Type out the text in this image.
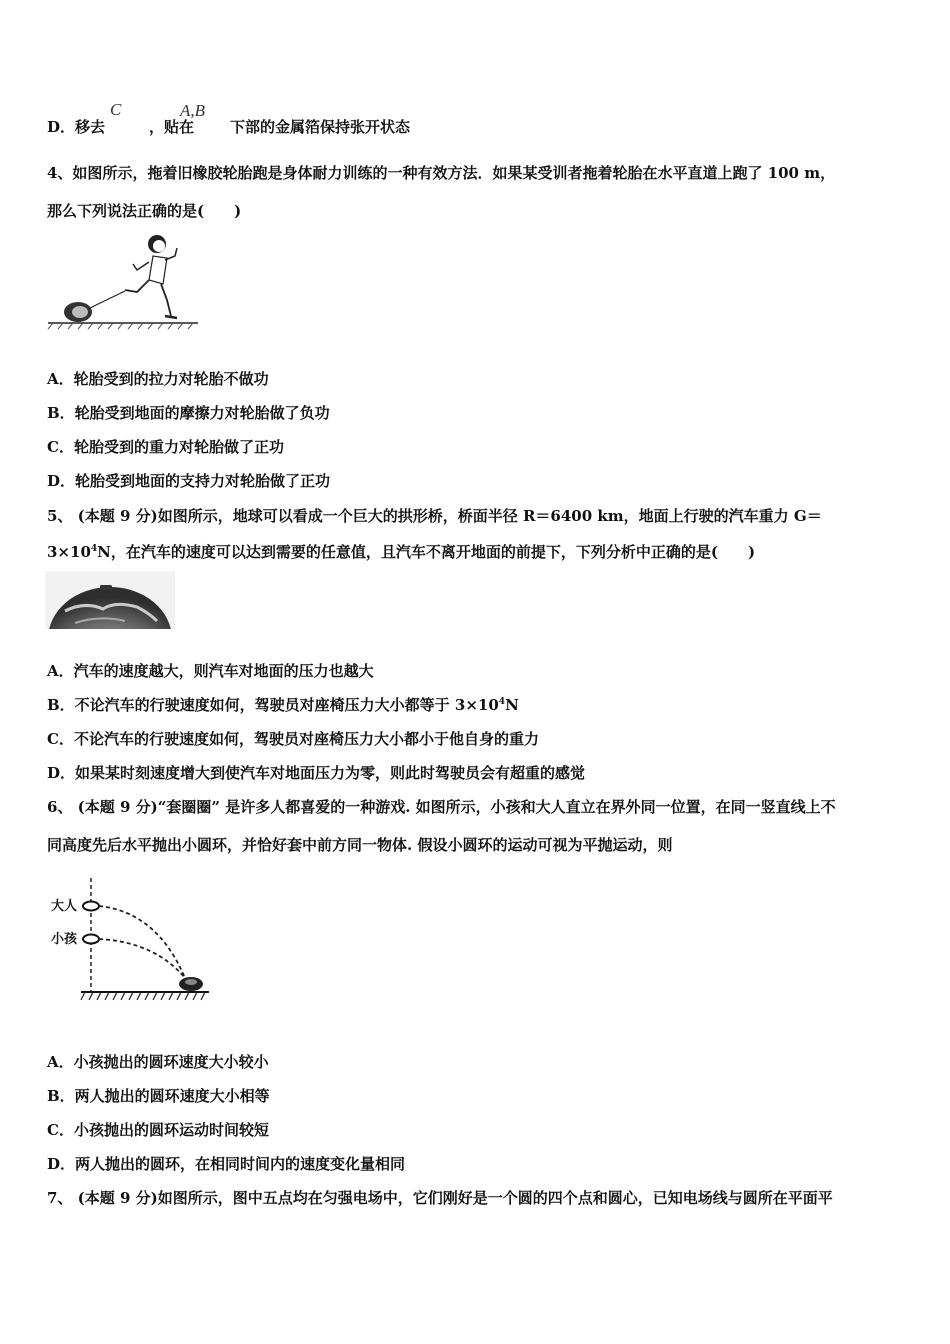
D．移去	，贴在 下部的金属箔保持张开状态
C	A,B
4、如图所示，拖着旧橡胶轮胎跑是身体耐力训练的一种有效方法．如果某受训者拖着轮胎在水平直道上跑了 100 m，
那么下列说法正确的是(　　)
A．轮胎受到的拉力对轮胎不做功
B．轮胎受到地面的摩擦力对轮胎做了负功
C．轮胎受到的重力对轮胎做了正功
D．轮胎受到地面的支持力对轮胎做了正功
5、 (本题 9 分)如图所示，地球可以看成一个巨大的拱形桥，桥面半径 R＝6400 km，地面上行驶的汽车重力 G＝
$3\times 10^4N$，在汽车的速度可以达到需要的任意值，且汽车不离开地面的前提下，下列分析中正确的是(　　)
A．汽车的速度越大，则汽车对地面的压力也越大
B．不论汽车的行驶速度如何，驾驶员对座椅压力大小都等于 $3\times 10^4N$
C．不论汽车的行驶速度如何，驾驶员对座椅压力大小都小于他自身的重力
D．如果某时刻速度增大到使汽车对地面压力为零，则此时驾驶员会有超重的感觉
6、 (本题 9 分)“套圈圈” 是许多人都喜爱的一种游戏. 如图所示，小孩和大人直立在界外同一位置，在同一竖直线上不
同高度先后水平抛出小圆环，并恰好套中前方同一物体. 假设小圆环的运动可视为平抛运动，则
大人
小孩
A．小孩抛出的圆环速度大小较小
B．两人抛出的圆环速度大小相等
C．小孩抛出的圆环运动时间较短
D．两人抛出的圆环，在相同时间内的速度变化量相同
7、 (本题 9 分)如图所示，图中五点均在匀强电场中，它们刚好是一个圆的四个点和圆心，已知电场线与圆所在平面平
